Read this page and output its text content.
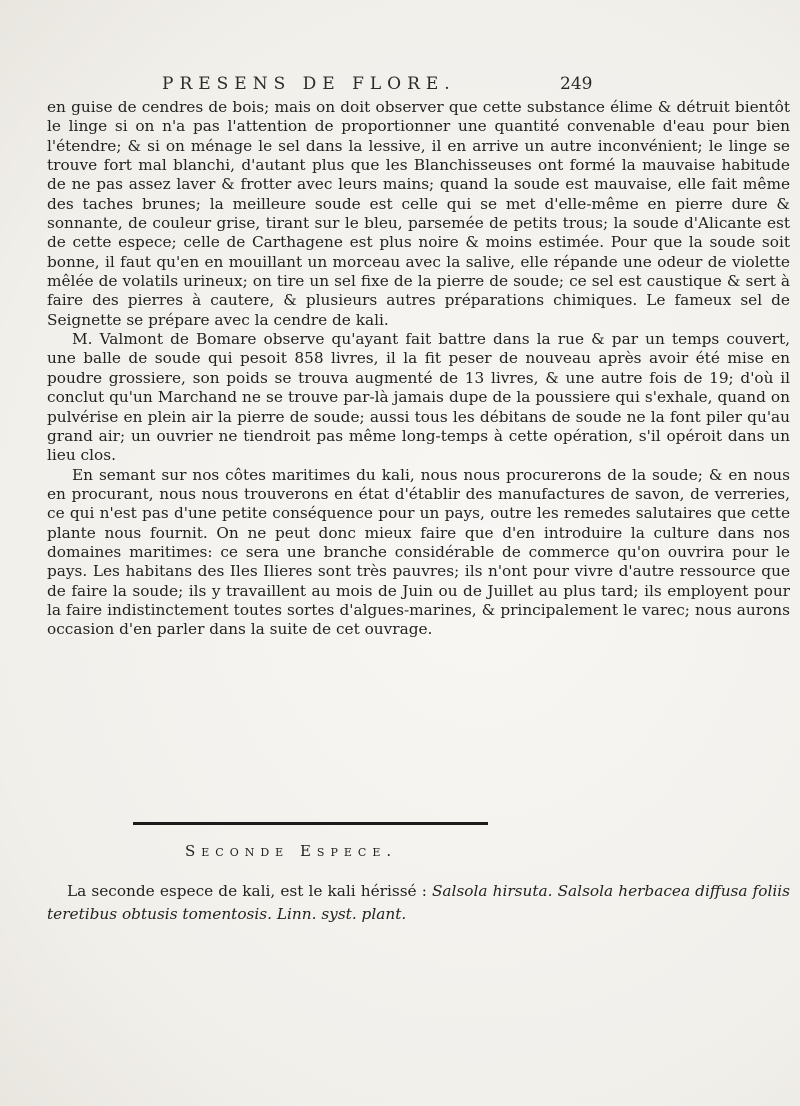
PRESENS DE FLORE.	249

en guise de cendres de bois; mais on doit observer que cette substance élime & détruit bientôt le linge si on n'a pas l'attention de proportionner une quantité convenable d'eau pour bien l'étendre; & si on ménage le sel dans la lessive, il en arrive un autre inconvénient; le linge se trouve fort mal blanchi, d'autant plus que les Blanchisseuses ont formé la mauvaise habitude de ne pas assez laver & frotter avec leurs mains; quand la soude est mauvaise, elle fait même des taches brunes; la meilleure soude est celle qui se met d'elle-même en pierre dure & sonnante, de couleur grise, tirant sur le bleu, parsemée de petits trous; la soude d'Alicante est de cette espece; celle de Carthagene est plus noire & moins estimée. Pour que la soude soit bonne, il faut qu'en en mouillant un morceau avec la salive, elle répande une odeur de violette mêlée de volatils urineux; on tire un sel fixe de la pierre de soude; ce sel est caustique & sert à faire des pierres à cautere, & plusieurs autres préparations chimiques. Le fameux sel de Seignette se prépare avec la cendre de kali.

M. Valmont de Bomare observe qu'ayant fait battre dans la rue & par un temps couvert, une balle de soude qui pesoit 858 livres, il la fit peser de nouveau après avoir été mise en poudre grossiere, son poids se trouva augmenté de 13 livres, & une autre fois de 19; d'où il conclut qu'un Marchand ne se trouve par-là jamais dupe de la poussiere qui s'exhale, quand on pulvérise en plein air la pierre de soude; aussi tous les débitans de soude ne la font piler qu'au grand air; un ouvrier ne tiendroit pas même long-temps à cette opération, s'il opéroit dans un lieu clos.

En semant sur nos côtes maritimes du kali, nous nous procurerons de la soude; & en nous en procurant, nous nous trouverons en état d'établir des manufactures de savon, de verreries, ce qui n'est pas d'une petite conséquence pour un pays, outre les remedes salutaires que cette plante nous fournit. On ne peut donc mieux faire que d'en introduire la culture dans nos domaines maritimes: ce sera une branche considérable de commerce qu'on ouvrira pour le pays. Les habitans des Iles Ilieres sont très pauvres; ils n'ont pour vivre d'autre ressource que de faire la soude; ils y travaillent au mois de Juin ou de Juillet au plus tard; ils employent pour la faire indistinctement toutes sortes d'algues-marines, & principalement le varec; nous aurons occasion d'en parler dans la suite de cet ouvrage.

Seconde Espece.

La seconde espece de kali, est le kali hérissé : Salsola hirsuta. Salsola herbacea diffusa foliis teretibus obtusis tomentosis. Linn. syst. plant.
